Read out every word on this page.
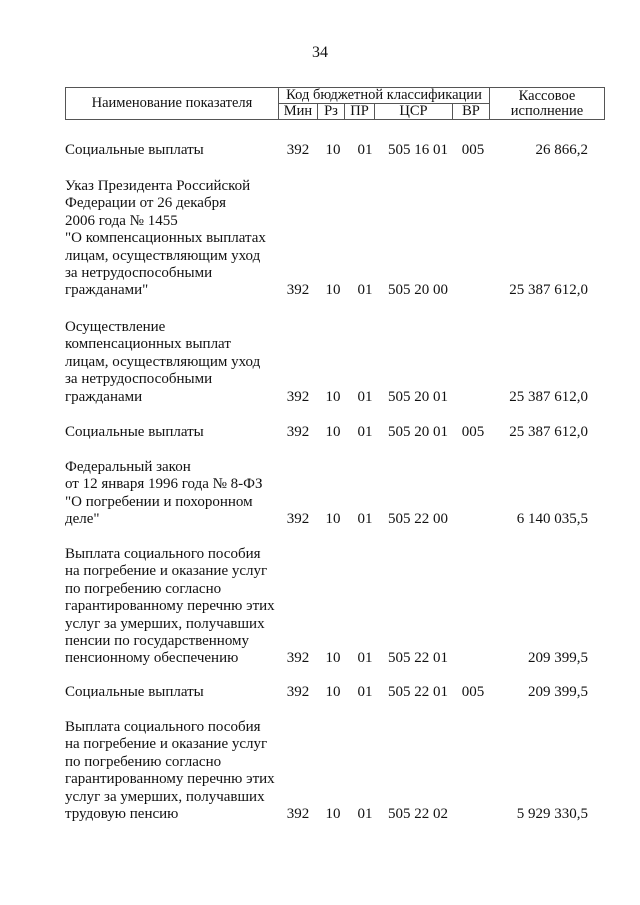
34
Наименование показателя	Код бюджетной классификации					Кассовое
исполнение
	Мин	Рз	ПР	ЦСР	ВР	
Социальные выплаты	392	10	01	505 16 01 005	26 866,2
Указ Президента Российской
Федерации от 26 декабря
2006 года № 1455
"О компенсационных выплатах
лицам, осуществляющим уход
за нетрудоспособными
гражданами"	392	10	01	505 20 00	25 387 612,0
Осуществление
компенсационных выплат
лицам, осуществляющим уход
за нетрудоспособными
гражданами	392	10	01	505 20 01	25 387 612,0
Социальные выплаты	392	10	01	505 20 01 005	25 387 612,0
Федеральный закон
от 12 января 1996 года № 8-ФЗ
"О погребении и похоронном
деле"	392	10	01	505 22 00	6 140 035,5
Выплата социального пособия
на погребение и оказание услуг
по погребению согласно
гарантированному перечню этих
услуг за умерших, получавших
пенсии по государственному
пенсионному обеспечению	392	10	01	505 22 01	209 399,5
Социальные выплаты	392	10	01	505 22 01 005	209 399,5
Выплата социального пособия
на погребение и оказание услуг
по погребению согласно
гарантированному перечню этих
услуг за умерших, получавших
трудовую пенсию	392	10	01	505 22 02	5 929 330,5
